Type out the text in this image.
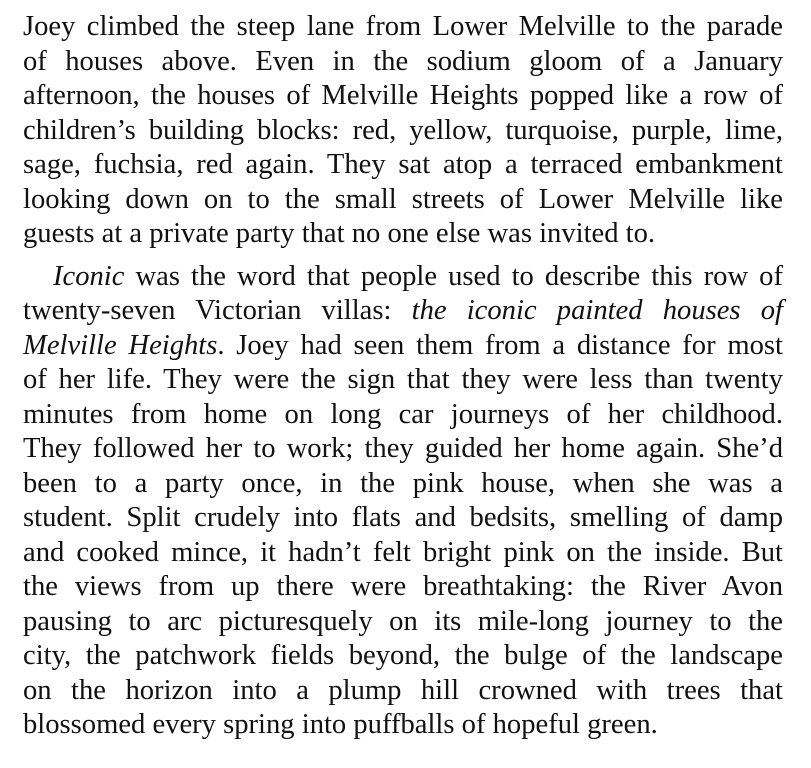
Joey climbed the steep lane from Lower Melville to the parade
of houses above. Even in the sodium gloom of a January
afternoon, the houses of Melville Heights popped like a row of
children’s building blocks: red, yellow, turquoise, purple, lime,
sage, fuchsia, red again. They sat atop a terraced embankment
looking down on to the small streets of Lower Melville like
guests at a private party that no one else was invited to.
Iconic was the word that people used to describe this row of
twenty-seven Victorian villas: the iconic painted houses of
Melville Heights. Joey had seen them from a distance for most
of her life. They were the sign that they were less than twenty
minutes from home on long car journeys of her childhood.
They followed her to work; they guided her home again. She’d
been to a party once, in the pink house, when she was a
student. Split crudely into flats and bedsits, smelling of damp
and cooked mince, it hadn’t felt bright pink on the inside. But
the views from up there were breathtaking: the River Avon
pausing to arc picturesquely on its mile-long journey to the
city, the patchwork fields beyond, the bulge of the landscape
on the horizon into a plump hill crowned with trees that
blossomed every spring into puffballs of hopeful green.
